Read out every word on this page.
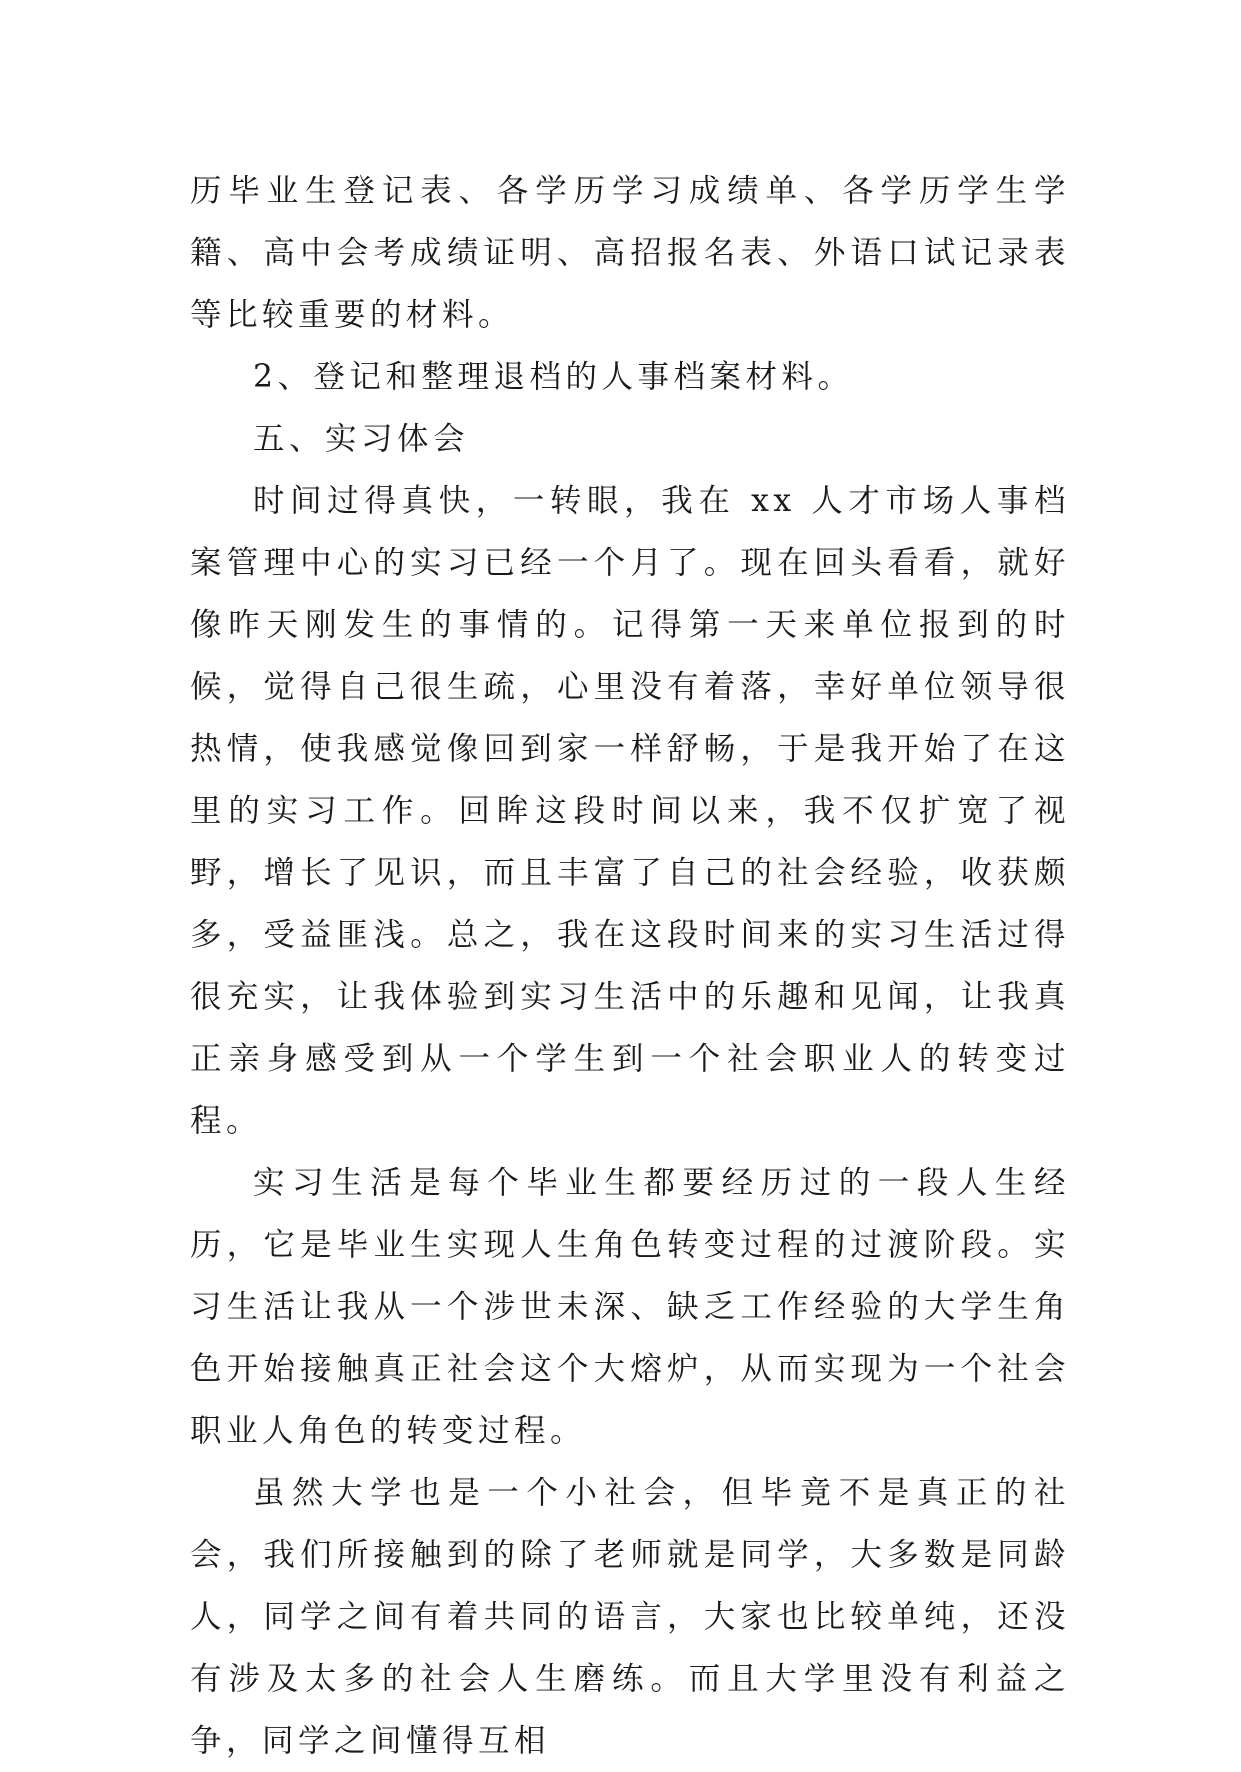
历毕业生登记表、各学历学习成绩单、各学历学生学籍、高中会考成绩证明、高招报名表、外语口试记录表等比较重要的材料。

2、登记和整理退档的人事档案材料。

五、实习体会

时间过得真快，一转眼，我在 xx 人才市场人事档案管理中心的实习已经一个月了。现在回头看看，就好像昨天刚发生的事情的。记得第一天来单位报到的时候，觉得自己很生疏，心里没有着落，幸好单位领导很热情，使我感觉像回到家一样舒畅，于是我开始了在这里的实习工作。回眸这段时间以来，我不仅扩宽了视野，增长了见识，而且丰富了自己的社会经验，收获颇多，受益匪浅。总之，我在这段时间来的实习生活过得很充实，让我体验到实习生活中的乐趣和见闻，让我真正亲身感受到从一个学生到一个社会职业人的转变过程。

实习生活是每个毕业生都要经历过的一段人生经历，它是毕业生实现人生角色转变过程的过渡阶段。实习生活让我从一个涉世未深、缺乏工作经验的大学生角色开始接触真正社会这个大熔炉，从而实现为一个社会职业人角色的转变过程。

虽然大学也是一个小社会，但毕竟不是真正的社会，我们所接触到的除了老师就是同学，大多数是同龄人，同学之间有着共同的语言，大家也比较单纯，还没有涉及太多的社会人生磨练。而且大学里没有利益之争，同学之间懂得互相
